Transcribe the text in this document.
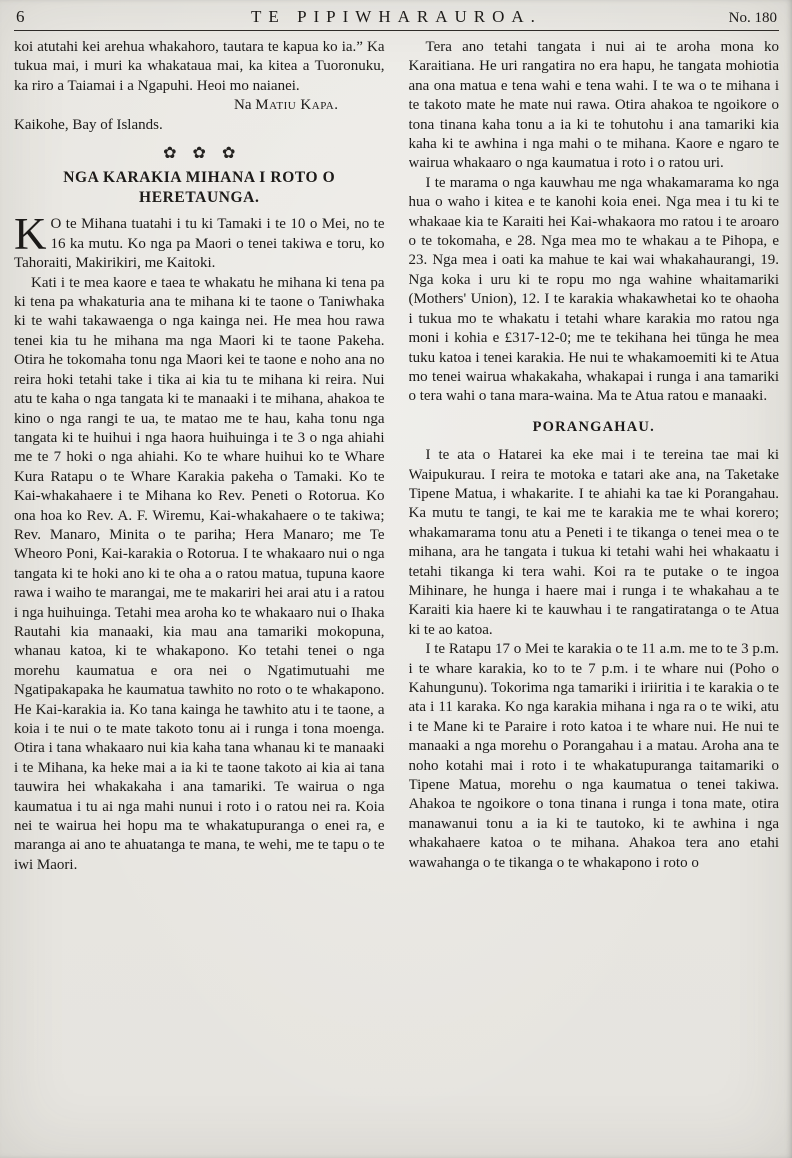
6	TE PIPIWHARAUROA.	No. 180

koi atutahi kei arehua whakahoro, tautara te kapua ko ia.” Ka tukua mai, i muri ka whakataua mai, ka kitea a Tuoronuku, ka riro a Taiamai i a Ngapuhi. Heoi mo naianei.

Na Matiu Kapa.

Kaikohe, Bay of Islands.

✿ ✿ ✿
NGA KARAKIA MIHANA I ROTO O
HERETAUNGA.

K O te Mihana tuatahi i tu ki Tamaki i te 10 o Mei, no te 16 ka mutu. Ko nga pa Maori o tenei takiwa e toru, ko Tahoraiti, Makirikiri, me Kaitoki.

Kati i te mea kaore e taea te whakatu he mihana ki tena pa ki tena pa whakaturia ana te mihana ki te taone o Taniwhaka ki te wahi takawaenga o nga kainga nei. He mea hou rawa tenei kia tu he mihana ma nga Maori ki te taone Pakeha. Otira he tokomaha tonu nga Maori kei te taone e noho ana no reira hoki tetahi take i tika ai kia tu te mihana ki reira. Nui atu te kaha o nga tangata ki te manaaki i te mihana, ahakoa te kino o nga rangi te ua, te matao me te hau, kaha tonu nga tangata ki te huihui i nga haora huihuinga i te 3 o nga ahiahi me te 7 hoki o nga ahiahi. Ko te whare huihui ko te Whare Kura Ratapu o te Whare Karakia pakeha o Tamaki. Ko te Kai-whakahaere i te Mihana ko Rev. Peneti o Rotorua. Ko ona hoa ko Rev. A. F. Wiremu, Kai-whakahaere o te takiwa; Rev. Manaro, Minita o te pariha; Hera Manaro; me Te Wheoro Poni, Kai-karakia o Rotorua. I te whakaaro nui o nga tangata ki te hoki ano ki te oha a o ratou matua, tupuna kaore rawa i waiho te marangai, me te makariri hei arai atu i a ratou i nga huihuinga. Tetahi mea aroha ko te whakaaro nui o Ihaka Rautahi kia manaaki, kia mau ana tamariki mokopuna, whanau katoa, ki te whakapono. Ko tetahi tenei o nga morehu kaumatua e ora nei o Ngatimutuahi me Ngatipakapaka he kaumatua tawhito no roto o te whakapono. He Kai-karakia ia. Ko tana kainga he tawhito atu i te taone, a koia i te nui o te mate takoto tonu ai i runga i tona moenga. Otira i tana whakaaro nui kia kaha tana whanau ki te manaaki i te Mihana, ka heke mai a ia ki te taone takoto ai kia ai tana tauwira hei whakakaha i ana tamariki. Te wairua o nga kaumatua i tu ai nga mahi nunui i roto i o ratou nei ra. Koia nei te wairua hei hopu ma te whakatupuranga o enei ra, e maranga ai ano te ahuatanga te mana, te wehi, me te tapu o te iwi Maori.

Tera ano tetahi tangata i nui ai te aroha mona ko Karaitiana. He uri rangatira no era hapu, he tangata mohiotia ana ona matua e tena wahi e tena wahi. I te wa o te mihana i te takoto mate he mate nui rawa. Otira ahakoa te ngoikore o tona tinana kaha tonu a ia ki te tohutohu i ana tamariki kia kaha ki te awhina i nga mahi o te mihana. Kaore e ngaro te wairua whakaaro o nga kaumatua i roto i o ratou uri.

I te marama o nga kauwhau me nga whakamarama ko nga hua o waho i kitea e te kanohi koia enei. Nga mea i tu ki te whakaae kia te Karaiti hei Kai-whakaora mo ratou i te aroaro o te tokomaha, e 28. Nga mea mo te whakau a te Pihopa, e 23. Nga mea i oati ka mahue te kai wai whakahaurangi, 19. Nga koka i uru ki te ropu mo nga wahine whaitamariki (Mothers' Union), 12. I te karakia whakawhetai ko te ohaoha i tukua mo te whakatu i tetahi whare karakia mo ratou nga moni i kohia e £317-12-0; me te tekihana hei tūnga he mea tuku katoa i tenei karakia. He nui te whakamoemiti ki te Atua mo tenei wairua whakakaha, whakapai i runga i ana tamariki o tera wahi o tana mara-waina. Ma te Atua ratou e manaaki.

PORANGAHAU.

I te ata o Hatarei ka eke mai i te tereina tae mai ki Waipukurau. I reira te motoka e tatari ake ana, na Taketake Tipene Matua, i whakarite. I te ahiahi ka tae ki Porangahau. Ka mutu te tangi, te kai me te karakia me te whai korero; whakamarama tonu atu a Peneti i te tikanga o tenei mea o te mihana, ara he tangata i tukua ki tetahi wahi hei whakaatu i tetahi tikanga ki tera wahi. Koi ra te putake o te ingoa Mihinare, he hunga i haere mai i runga i te whakahau a te Karaiti kia haere ki te kauwhau i te rangatiratanga o te Atua ki te ao katoa.

I te Ratapu 17 o Mei te karakia o te 11 a.m. me to te 3 p.m. i te whare karakia, ko to te 7 p.m. i te whare nui (Poho o Kahungunu). Tokorima nga tamariki i iriiritia i te karakia o te ata i 11 karaka. Ko nga karakia mihana i nga ra o te wiki, atu i te Mane ki te Paraire i roto katoa i te whare nui. He nui te manaaki a nga morehu o Porangahau i a matau. Aroha ana te noho kotahi mai i roto i te whakatupuranga taitamariki o Tipene Matua, morehu o nga kaumatua o tenei takiwa. Ahakoa te ngoikore o tona tinana i runga i tona mate, otira manawanui tonu a ia ki te tautoko, ki te awhina i nga whakahaere katoa o te mihana. Ahakoa tera ano etahi wawahanga o te tikanga o te whakapono i roto o
